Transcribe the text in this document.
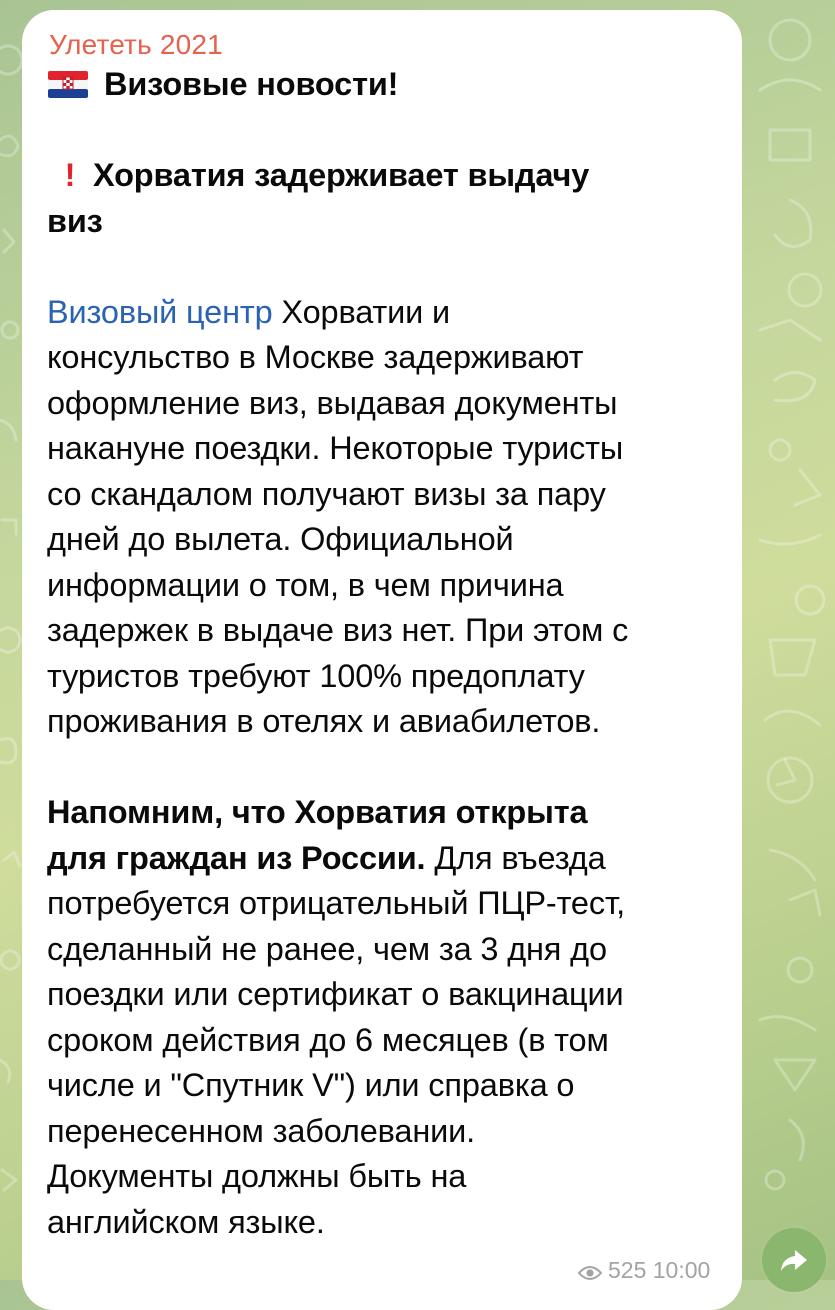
Улететь 2021
Визовые новости!
! Хорватия задерживает выдачу
виз
Визовый центр Хорватии и
консульство в Москве задерживают
оформление виз, выдавая документы
накануне поездки. Некоторые туристы
со скандалом получают визы за пару
дней до вылета. Официальной
информации о том, в чем причина
задержек в выдаче виз нет. При этом с
туристов требуют 100% предоплату
проживания в отелях и авиабилетов.
Напомним, что Хорватия открыта
для граждан из России. Для въезда
потребуется отрицательный ПЦР-тест,
сделанный не ранее, чем за 3 дня до
поездки или сертификат о вакцинации
сроком действия до 6 месяцев (в том
числе и "Спутник V") или справка о
перенесенном заболевании.
Документы должны быть на
английском языке.
525 10:00
